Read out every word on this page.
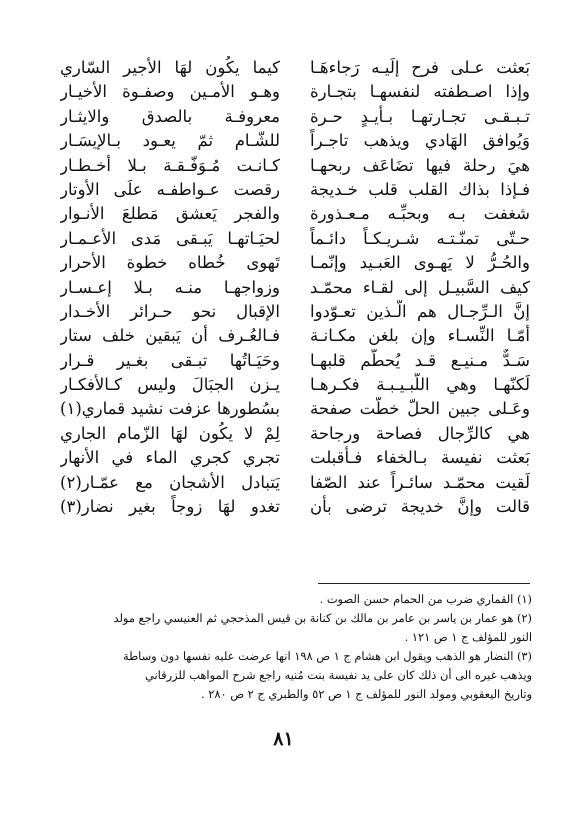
بَعثت عـلى فرح إلَيـه رَجاءهَـا
وإذا اصـطفته لنفسهـا بتجـارة
تـبـقـى تجـارتهـا بـأيـدٍ حـرة
وَيُوافق الهَادي ويذهب تاجـراً
هيَ رحلة فيها تضَاعَف ربحهـا
فـإذا بذاك القلب قلب خـديجة
شغفت بـه وبحبِّـه مـعـذورة
حـتّى تمنّـتـه شـريـكـاً دائـماً
والحُـرُّ لا يَهـوى العَبـيد وإنّمـا
كيف السَّبيـل إلى لقـاء محمّـد
إنَّ الـرِّجـال هم الّـذين تعـوّدوا
أمّـا النِّسـاء وإن بلغن مكـانـة
سَـدٌّ مـنيـع قـد يُحطّم قلبهـا
لَكنّهـا وهي اللّبـيـبـة فكـرهـا
وعَـلى جبين الحلّ خطّت صفحة
هي كالرِّجال فصاحة ورجاحة
بَعثت نفيسة بـالخفاء فـأقبلت
لَقيت محمّـد سائـراً عند الصّفا
قالت وإنَّ خديجة ترضى بأن
كيما يكُون لهَا الأجير السّاري
وهـو الأمـين وصفـوة الأخيـار
معروفـة بالصدق والايثـار
للشّـام ثمّ يعـود بـالإيسَـار
كـانـت مُـوَفّـقـة بـلا أخـطـار
رقصت عـواطفـه علَى الأوتار
والفجر يَعشق مَطلعَ الأنـوار
لحيَـاتهـا يَبـقى مَدى الأعـمـار
تَهوى خُطاه خطوة الأحرار
وزواجهـا منـه بـلا إعـسـار
الإقبال نحو حـرائر الأخـدار
فـالعُـرف أن يَبقين خلف ستار
وحَيَـاتُها تبـقى بغـير قـرار
يـزن الجبَالَ وليس كـالأفكـار
بسُطورها عزفت نشيد قماري(١)
لِمْ لا يكُون لهَا الزّمام الجاري
تجري كجري الماء في الأنهار
يَتبادل الأشجان مع عمّـار(٢)
تغدو لهَا زوجاً بغير نضار(٣)
(١) القماري ضرب من الحمام حسن الصوت .
(٢) هو عمار بن ياسر بن عامر بن مالك بن كنانة بن قيس المذحجي ثم العنيسي راجع مولد
النور للمؤلف ج ١ ص ١٢١ .
(٣) النضار هو الذهب ويقول ابن هشام ج ١ ص ١٩٨ انها عرضت عليه نفسها دون وساطة
ويذهب غيره الى أن ذلك كان على يد نفيسة بنت مُنيه راجع شرح المواهب للزرقاني
وتاريخ اليعقوبي ومولد النور للمؤلف ج ١ ص ٥٢ والطبري ج ٢ ص ٢٨٠ .
٨١
